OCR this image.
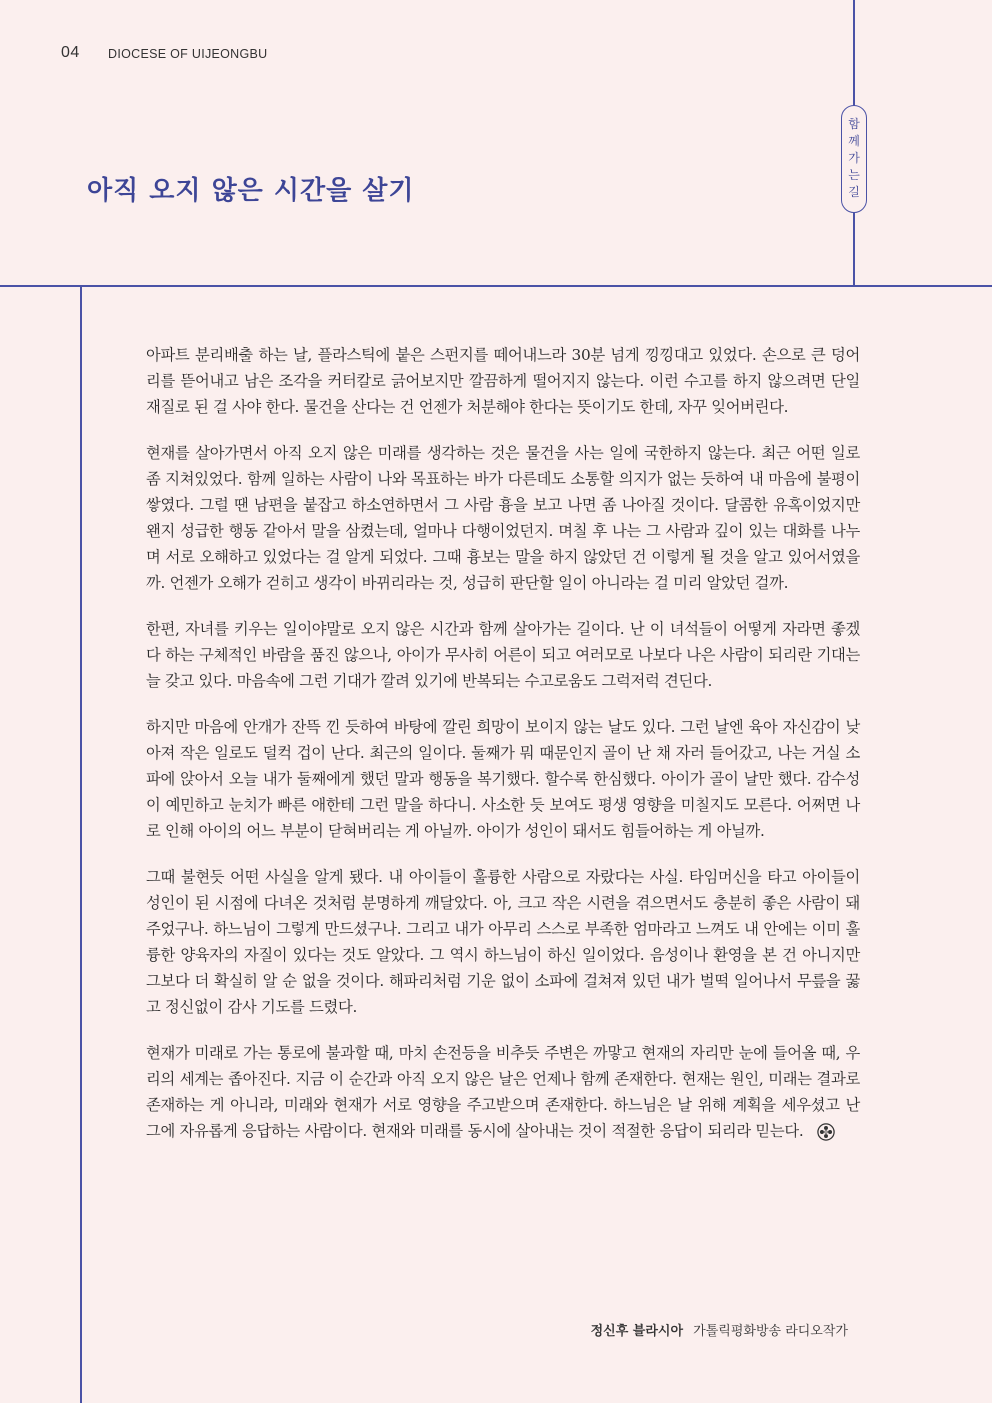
04 DIOCESE OF UIJEONGBU
함께가는길
아직 오지 않은 시간을 살기

아파트 분리배출 하는 날, 플라스틱에 붙은 스펀지를 떼어내느라 30분 넘게 낑낑대고 있었다. 손으로 큰 덩어리를 뜯어내고 남은 조각을 커터칼로 긁어보지만 깔끔하게 떨어지지 않는다. 이런 수고를 하지 않으려면 단일재질로 된 걸 사야 한다. 물건을 산다는 건 언젠가 처분해야 한다는 뜻이기도 한데, 자꾸 잊어버린다.

현재를 살아가면서 아직 오지 않은 미래를 생각하는 것은 물건을 사는 일에 국한하지 않는다. 최근 어떤 일로 좀 지쳐있었다. 함께 일하는 사람이 나와 목표하는 바가 다른데도 소통할 의지가 없는 듯하여 내 마음에 불평이 쌓였다. 그럴 땐 남편을 붙잡고 하소연하면서 그 사람 흉을 보고 나면 좀 나아질 것이다. 달콤한 유혹이었지만 왠지 성급한 행동 같아서 말을 삼켰는데, 얼마나 다행이었던지. 며칠 후 나는 그 사람과 깊이 있는 대화를 나누며 서로 오해하고 있었다는 걸 알게 되었다. 그때 흉보는 말을 하지 않았던 건 이렇게 될 것을 알고 있어서였을까. 언젠가 오해가 걷히고 생각이 바뀌리라는 것, 성급히 판단할 일이 아니라는 걸 미리 알았던 걸까.

한편, 자녀를 키우는 일이야말로 오지 않은 시간과 함께 살아가는 길이다. 난 이 녀석들이 어떻게 자라면 좋겠다 하는 구체적인 바람을 품진 않으나, 아이가 무사히 어른이 되고 여러모로 나보다 나은 사람이 되리란 기대는 늘 갖고 있다. 마음속에 그런 기대가 깔려 있기에 반복되는 수고로움도 그럭저럭 견딘다.

하지만 마음에 안개가 잔뜩 낀 듯하여 바탕에 깔린 희망이 보이지 않는 날도 있다. 그런 날엔 육아 자신감이 낮아져 작은 일로도 덜컥 겁이 난다. 최근의 일이다. 둘째가 뭐 때문인지 골이 난 채 자러 들어갔고, 나는 거실 소파에 앉아서 오늘 내가 둘째에게 했던 말과 행동을 복기했다. 할수록 한심했다. 아이가 골이 날만 했다. 감수성이 예민하고 눈치가 빠른 애한테 그런 말을 하다니. 사소한 듯 보여도 평생 영향을 미칠지도 모른다. 어쩌면 나로 인해 아이의 어느 부분이 닫혀버리는 게 아닐까. 아이가 성인이 돼서도 힘들어하는 게 아닐까.

그때 불현듯 어떤 사실을 알게 됐다. 내 아이들이 훌륭한 사람으로 자랐다는 사실. 타임머신을 타고 아이들이 성인이 된 시점에 다녀온 것처럼 분명하게 깨달았다. 아, 크고 작은 시련을 겪으면서도 충분히 좋은 사람이 돼주었구나. 하느님이 그렇게 만드셨구나. 그리고 내가 아무리 스스로 부족한 엄마라고 느껴도 내 안에는 이미 훌륭한 양육자의 자질이 있다는 것도 알았다. 그 역시 하느님이 하신 일이었다. 음성이나 환영을 본 건 아니지만 그보다 더 확실히 알 순 없을 것이다. 해파리처럼 기운 없이 소파에 걸쳐져 있던 내가 벌떡 일어나서 무릎을 꿇고 정신없이 감사 기도를 드렸다.

현재가 미래로 가는 통로에 불과할 때, 마치 손전등을 비추듯 주변은 까맣고 현재의 자리만 눈에 들어올 때, 우리의 세계는 좁아진다. 지금 이 순간과 아직 오지 않은 날은 언제나 함께 존재한다. 현재는 원인, 미래는 결과로 존재하는 게 아니라, 미래와 현재가 서로 영향을 주고받으며 존재한다. 하느님은 날 위해 계획을 세우셨고 난 그에 자유롭게 응답하는 사람이다. 현재와 미래를 동시에 살아내는 것이 적절한 응답이 되리라 믿는다.

정신후 블라시아 가톨릭평화방송 라디오작가
